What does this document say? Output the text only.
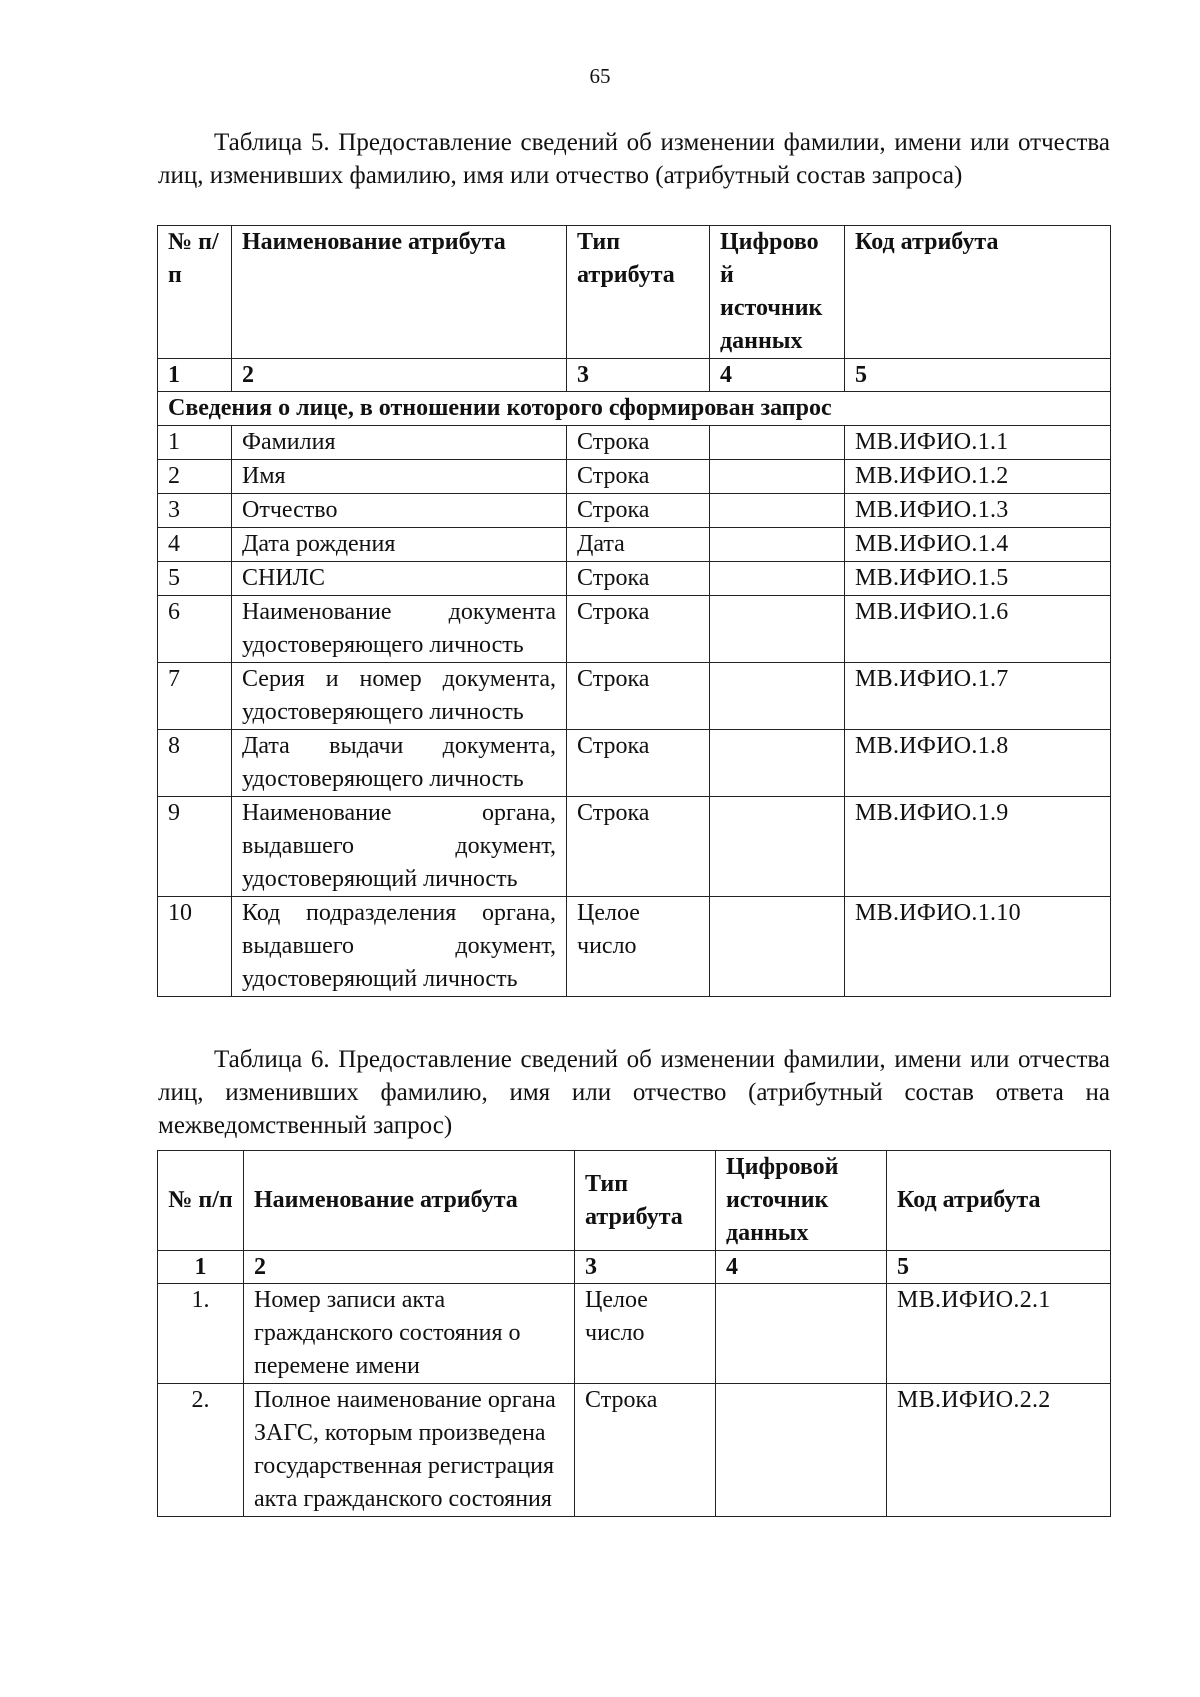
65
Таблица 5. Предоставление сведений об изменении фамилии, имени или отчества лиц, изменивших фамилию, имя или отчество (атрибутный состав запроса)
№ п/п	Наименование атрибута	Тип атрибута	Цифрово й источник данных	Код атрибута
1	2	3	4	5
Сведения о лице, в отношении которого сформирован запрос				
1	Фамилия	Строка		МВ.ИФИО.1.1
2	Имя	Строка		МВ.ИФИО.1.2
3	Отчество	Строка		МВ.ИФИО.1.3
4	Дата рождения	Дата		МВ.ИФИО.1.4
5	СНИЛС	Строка		МВ.ИФИО.1.5
6	Наименование документа удостоверяющего личность	Строка		МВ.ИФИО.1.6
7	Серия и номер документа, удостоверяющего личность	Строка		МВ.ИФИО.1.7
8	Дата выдачи документа, удостоверяющего личность	Строка		МВ.ИФИО.1.8
9	Наименование органа, выдавшего документ, удостоверяющий личность	Строка		МВ.ИФИО.1.9
10	Код подразделения органа, выдавшего документ, удостоверяющий личность	Целое число		МВ.ИФИО.1.10
Таблица 6. Предоставление сведений об изменении фамилии, имени или отчества лиц, изменивших фамилию, имя или отчество (атрибутный состав ответа на межведомственный запрос)
№ п/п	Наименование атрибута	Тип атрибута	Цифровой источник данных	Код атрибута
1	2	3	4	5
1.	Номер записи акта гражданского состояния о перемене имени	Целое число		МВ.ИФИО.2.1
2.	Полное наименование органа ЗАГС, которым произведена государственная регистрация акта гражданского состояния	Строка		МВ.ИФИО.2.2
